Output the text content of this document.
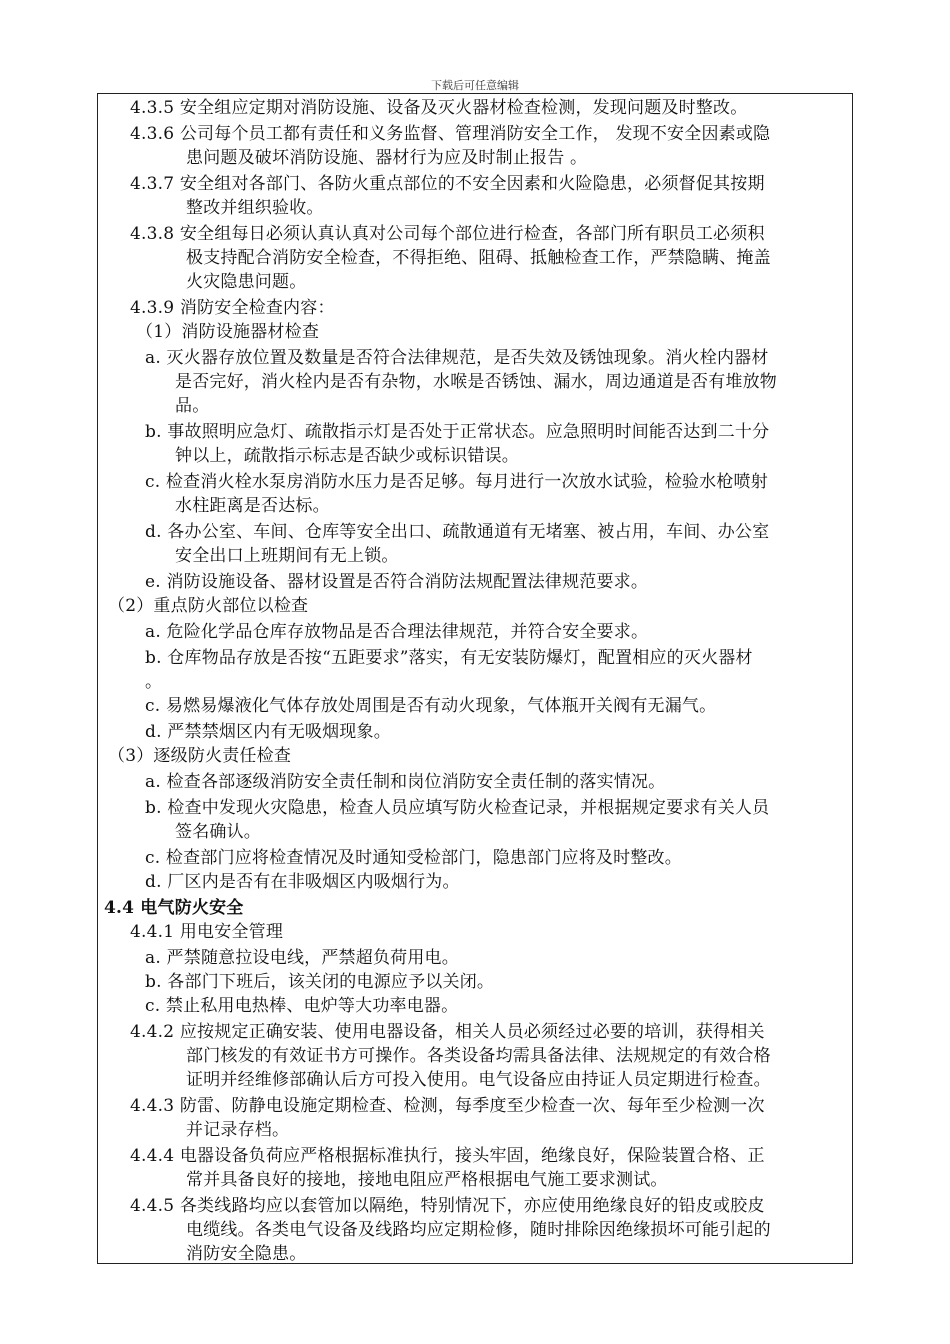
下载后可任意编辑
4.3.5 安全组应定期对消防设施、设备及灭火器材检查检测，发现问题及时整改。
4.3.6 公司每个员工都有责任和义务监督、管理消防安全工作， 发现不安全因素或隐
患问题及破坏消防设施、器材行为应及时制止报告 。
4.3.7 安全组对各部门、各防火重点部位的不安全因素和火险隐患，必须督促其按期
整改并组织验收。
4.3.8 安全组每日必须认真认真对公司每个部位进行检查，各部门所有职员工必须积
极支持配合消防安全检查，不得拒绝、阻碍、抵触检查工作，严禁隐瞒、掩盖
火灾隐患问题。
4.3.9 消防安全检查内容：
（1）消防设施器材检查
a. 灭火器存放位置及数量是否符合法律规范，是否失效及锈蚀现象。消火栓内器材
是否完好，消火栓内是否有杂物，水喉是否锈蚀、漏水，周边通道是否有堆放物
品。
b. 事故照明应急灯、疏散指示灯是否处于正常状态。应急照明时间能否达到二十分
钟以上，疏散指示标志是否缺少或标识错误。
c. 检查消火栓水泵房消防水压力是否足够。每月进行一次放水试验，检验水枪喷射
水柱距离是否达标。
d. 各办公室、车间、仓库等安全出口、疏散通道有无堵塞、被占用，车间、办公室
安全出口上班期间有无上锁。
e. 消防设施设备、器材设置是否符合消防法规配置法律规范要求。
（2）重点防火部位以检查
a. 危险化学品仓库存放物品是否合理法律规范，并符合安全要求。
b. 仓库物品存放是否按“五距要求”落实，有无安装防爆灯，配置相应的灭火器材
。
c. 易燃易爆液化气体存放处周围是否有动火现象，气体瓶开关阀有无漏气。
d. 严禁禁烟区内有无吸烟现象。
（3）逐级防火责任检查
a. 检查各部逐级消防安全责任制和岗位消防安全责任制的落实情况。
b. 检查中发现火灾隐患，检查人员应填写防火检查记录，并根据规定要求有关人员
签名确认。
c. 检查部门应将检查情况及时通知受检部门，隐患部门应将及时整改。
d. 厂区内是否有在非吸烟区内吸烟行为。
4.4 电气防火安全
4.4.1 用电安全管理
a. 严禁随意拉设电线，严禁超负荷用电。
b. 各部门下班后，该关闭的电源应予以关闭。
c. 禁止私用电热棒、电炉等大功率电器。
4.4.2 应按规定正确安装、使用电器设备，相关人员必须经过必要的培训，获得相关
部门核发的有效证书方可操作。各类设备均需具备法律、法规规定的有效合格
证明并经维修部确认后方可投入使用。电气设备应由持证人员定期进行检查。
4.4.3 防雷、防静电设施定期检查、检测，每季度至少检查一次、每年至少检测一次
并记录存档。
4.4.4 电器设备负荷应严格根据标准执行，接头牢固，绝缘良好，保险装置合格、正
常并具备良好的接地，接地电阻应严格根据电气施工要求测试。
4.4.5 各类线路均应以套管加以隔绝，特别情况下，亦应使用绝缘良好的铅皮或胶皮
电缆线。各类电气设备及线路均应定期检修，随时排除因绝缘损坏可能引起的
消防安全隐患。
